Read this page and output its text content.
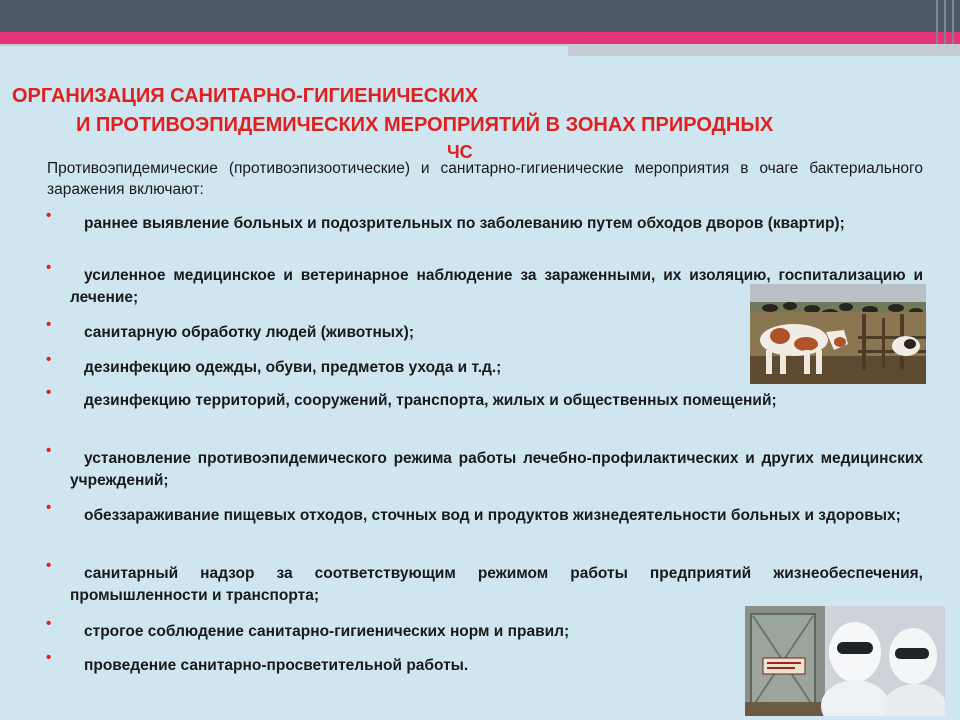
ОРГАНИЗАЦИЯ САНИТАРНО-ГИГИЕНИЧЕСКИХ
И ПРОТИВОЭПИДЕМИЧЕСКИХ МЕРОПРИЯТИЙ В ЗОНАХ ПРИРОДНЫХ
ЧС

Противоэпидемические (противоэпизоотические) и санитарно-гигиенические мероприятия в очаге бактериального заражения включают:

• раннее выявление больных и подозрительных по заболеванию путем обходов дворов (квартир);
• усиленное медицинское и ветеринарное наблюдение за зараженными, их изоляцию, госпитализацию и лечение;
• санитарную обработку людей (животных);
• дезинфекцию одежды, обуви, предметов ухода и т.д.;
• дезинфекцию территорий, сооружений, транспорта, жилых и общественных помещений;
• установление противоэпидемического режима работы лечебно-профилактических и других медицинских учреждений;
• обеззараживание пищевых отходов, сточных вод и продуктов жизнедеятельности больных и здоровых;
• санитарный надзор за соответствующим режимом работы предприятий жизнеобеспечения, промышленности и транспорта;
• строгое соблюдение санитарно-гигиенических норм и правил;
• проведение санитарно-просветительной работы.
